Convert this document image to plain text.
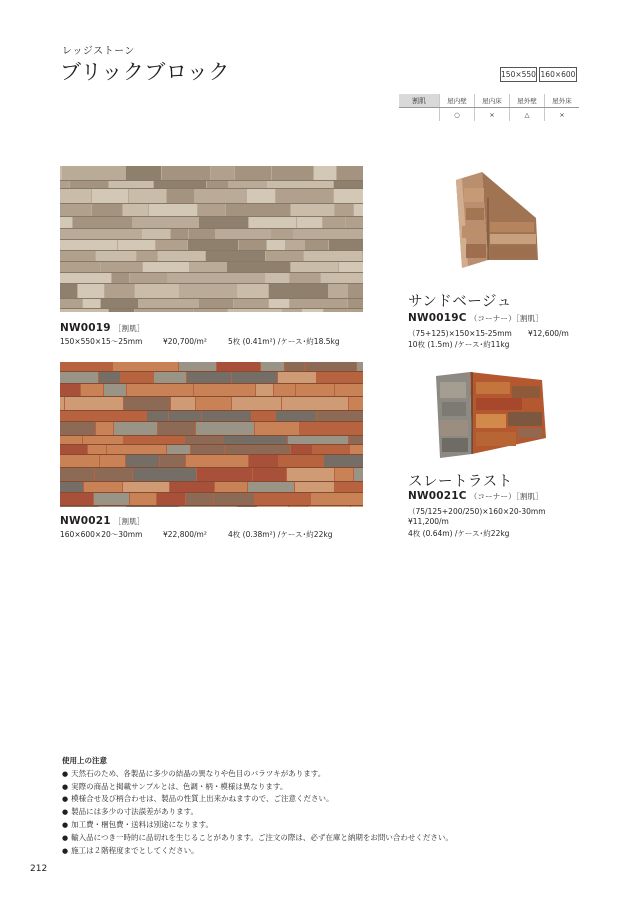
レッジストーン
ブリックブロック	150×550 160×600
割肌	屋内壁	屋内床	屋外壁	屋外床
	○	×	△	×
NW0019 ［割肌］
150×550×15～25mm	¥20,700/m²	5枚 (0.41m²) /ケース･約18.5kg
NW0021 ［割肌］
160×600×20～30mm	¥22,800/m²	4枚 (0.38m²) /ケース･約22kg
サンドベージュ
NW0019C （コーナー）［割肌］
（75+125)×150×15-25mm ¥12,600/m
10枚 (1.5m) /ケース･約11kg
スレートラスト
NW0021C （コーナー）［割肌］
（75/125+200/250)×160×20-30mm
¥11,200/m
4枚 (0.64m) /ケース･約22kg
使用上の注意
● 天然石のため、各製品に多少の結晶の異なりや色目のバラツキがあります。
● 実際の商品と掲載サンプルとは、色調・柄・模様は異なります。
● 模様合せ及び柄合わせは、製品の性質上出来かねますので、ご注意ください。
● 製品には多少の寸法誤差があります。
● 加工費・梱包費・送料は別途になります。
● 輸入品につき一時的に品切れを生じることがあります。ご注文の際は、必ず在庫と納期をお問い合わせください。
● 施工は２階程度までとしてください。
212
